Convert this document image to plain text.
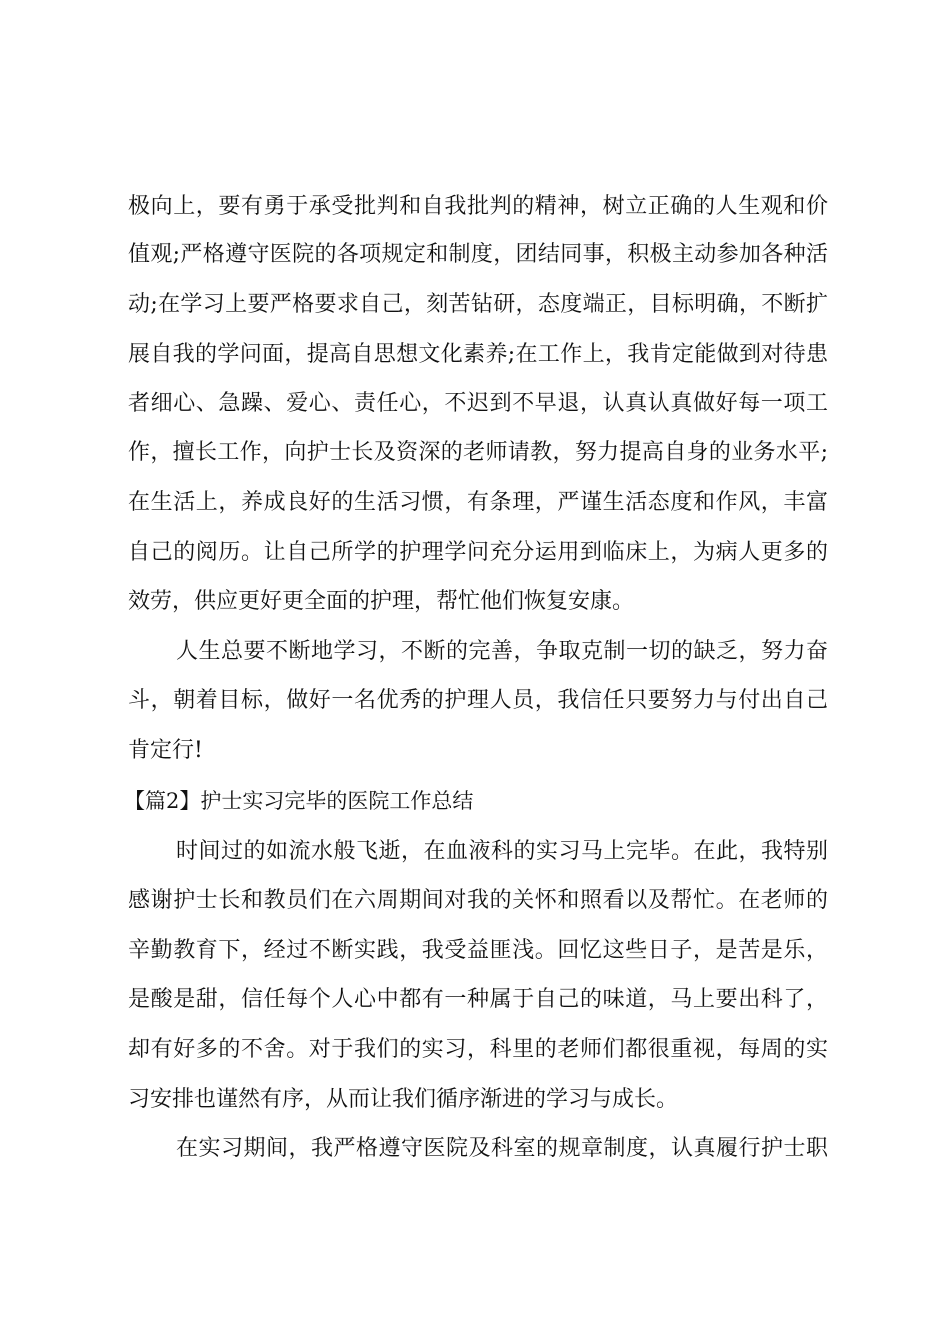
极向上，要有勇于承受批判和自我批判的精神，树立正确的人生观和价
值观;严格遵守医院的各项规定和制度，团结同事，积极主动参加各种活
动;在学习上要严格要求自己，刻苦钻研，态度端正，目标明确，不断扩
展自我的学问面，提高自思想文化素养;在工作上，我肯定能做到对待患
者细心、急躁、爱心、责任心，不迟到不早退，认真认真做好每一项工
作，擅长工作，向护士长及资深的老师请教，努力提高自身的业务水平;
在生活上，养成良好的生活习惯，有条理，严谨生活态度和作风，丰富
自己的阅历。让自己所学的护理学问充分运用到临床上，为病人更多的
效劳，供应更好更全面的护理，帮忙他们恢复安康。
人生总要不断地学习，不断的完善，争取克制一切的缺乏，努力奋
斗，朝着目标，做好一名优秀的护理人员，我信任只要努力与付出自己
肯定行!
【篇2】护士实习完毕的医院工作总结
时间过的如流水般飞逝，在血液科的实习马上完毕。在此，我特别
感谢护士长和教员们在六周期间对我的关怀和照看以及帮忙。在老师的
辛勤教育下，经过不断实践，我受益匪浅。回忆这些日子，是苦是乐，
是酸是甜，信任每个人心中都有一种属于自己的味道，马上要出科了，
却有好多的不舍。对于我们的实习，科里的老师们都很重视，每周的实
习安排也谨然有序，从而让我们循序渐进的学习与成长。
在实习期间，我严格遵守医院及科室的规章制度，认真履行护士职
